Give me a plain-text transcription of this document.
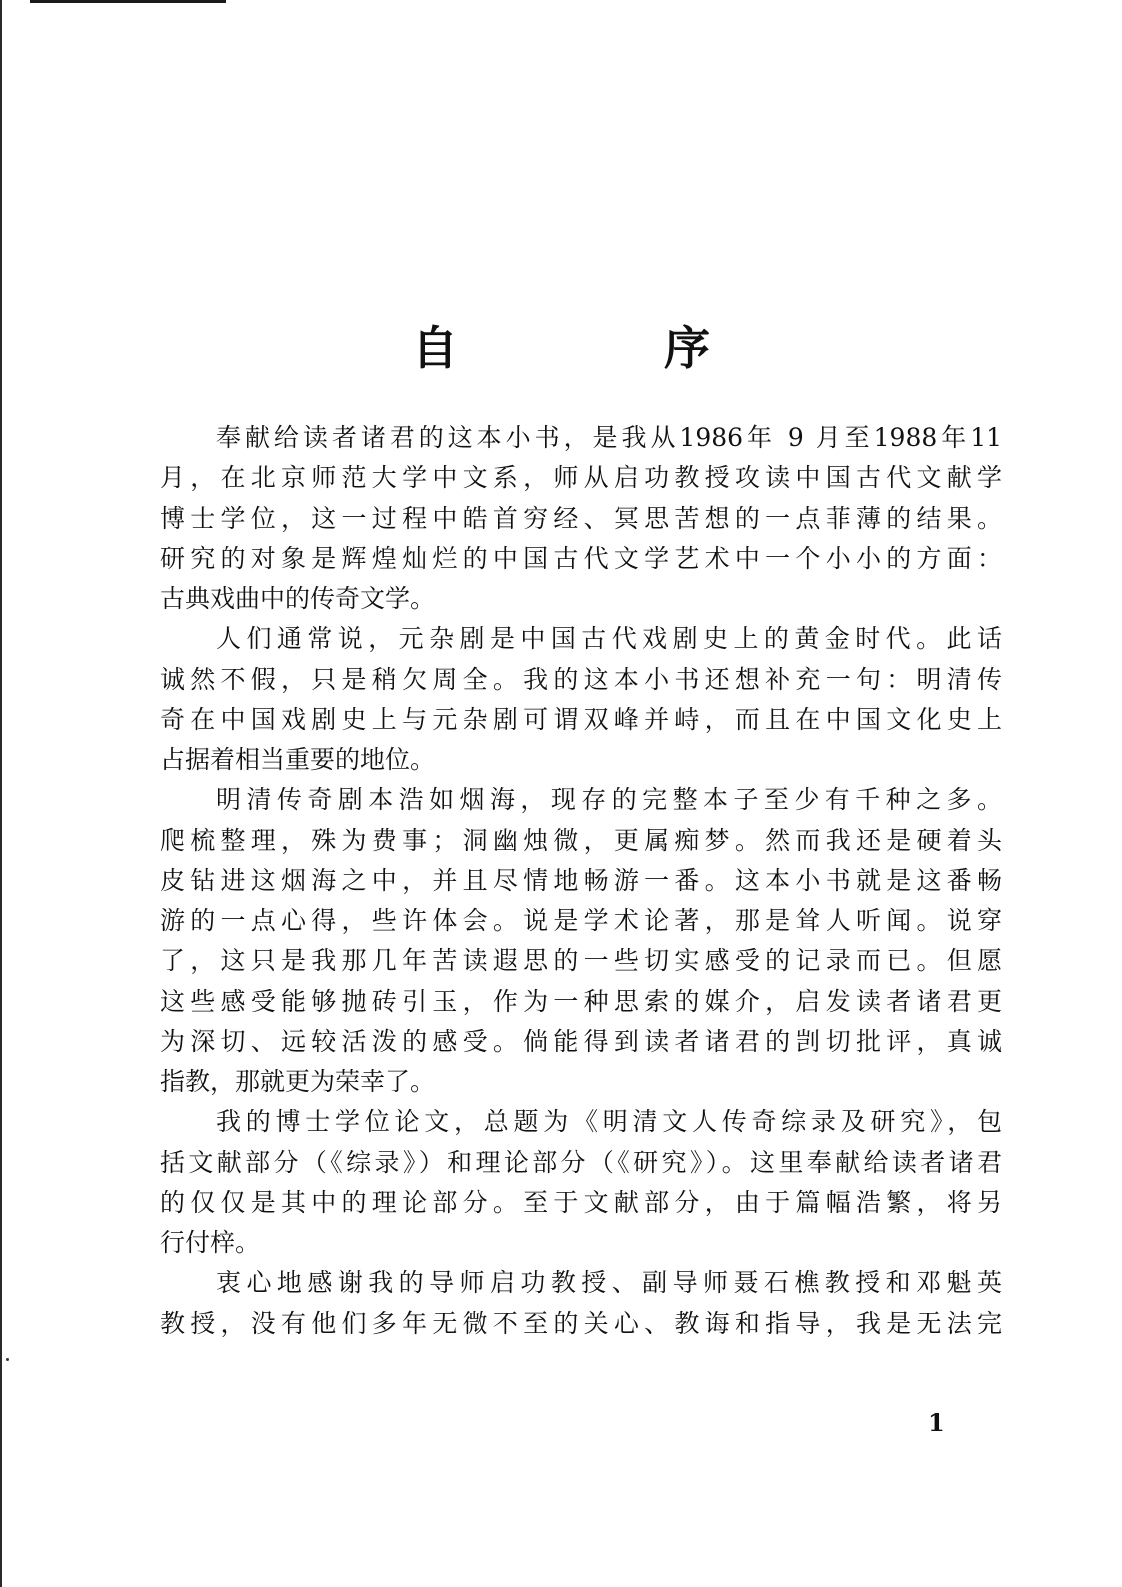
自　序

奉献给读者诸君的这本小书，是我从1986年 9 月至1988年11
月，在北京师范大学中文系，师从启功教授攻读中国古代文献学
博士学位，这一过程中皓首穷经、冥思苦想的一点菲薄的结果。
研究的对象是辉煌灿烂的中国古代文学艺术中一个小小的方面：
古典戏曲中的传奇文学。

人们通常说，元杂剧是中国古代戏剧史上的黄金时代。此话
诚然不假，只是稍欠周全。我的这本小书还想补充一句：明清传
奇在中国戏剧史上与元杂剧可谓双峰并峙，而且在中国文化史上
占据着相当重要的地位。

明清传奇剧本浩如烟海，现存的完整本子至少有千种之多。
爬梳整理，殊为费事；洞幽烛微，更属痴梦。然而我还是硬着头
皮钻进这烟海之中，并且尽情地畅游一番。这本小书就是这番畅
游的一点心得，些许体会。说是学术论著，那是耸人听闻。说穿
了，这只是我那几年苦读遐思的一些切实感受的记录而已。但愿
这些感受能够抛砖引玉，作为一种思索的媒介，启发读者诸君更
为深切、远较活泼的感受。倘能得到读者诸君的剀切批评，真诚
指教，那就更为荣幸了。

我的博士学位论文，总题为《明清文人传奇综录及研究》，包
括文献部分（《综录》）和理论部分（《研究》）。这里奉献给读者诸君
的仅仅是其中的理论部分。至于文献部分，由于篇幅浩繁，将另
行付梓。

衷心地感谢我的导师启功教授、副导师聂石樵教授和邓魁英
教授，没有他们多年无微不至的关心、教诲和指导，我是无法完

1
